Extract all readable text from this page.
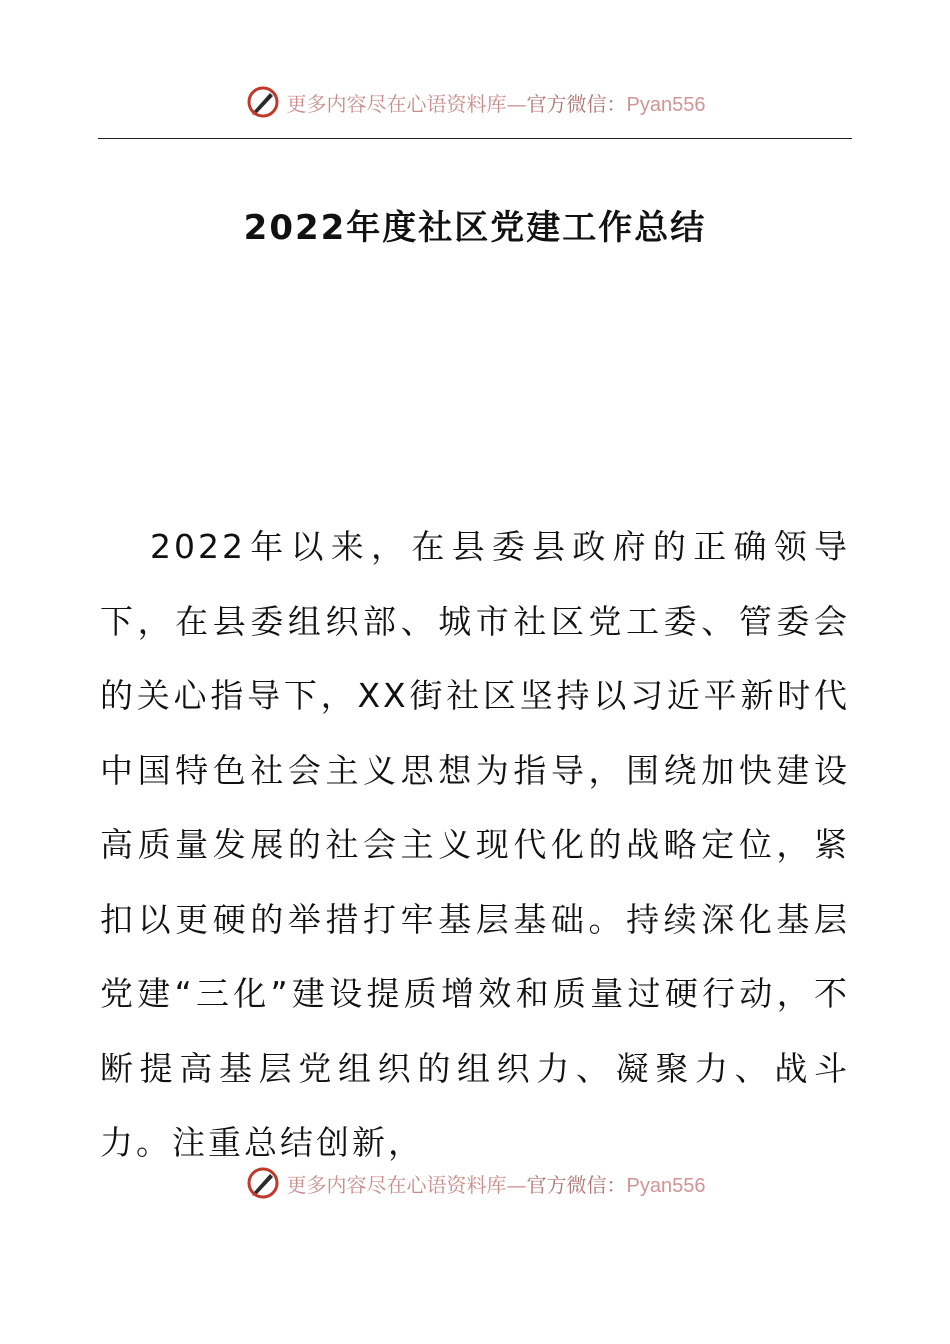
更多内容尽在心语资料库—官方微信：Pyan556
2022年度社区党建工作总结
2022年以来，在县委县政府的正确领导下，在县委组织部、城市社区党工委、管委会的关心指导下，XX街社区坚持以习近平新时代中国特色社会主义思想为指导，围绕加快建设高质量发展的社会主义现代化的战略定位，紧扣以更硬的举措打牢基层基础。持续深化基层党建“三化”建设提质增效和质量过硬行动，不断提高基层党组织的组织力、凝聚力、战斗力。注重总结创新，
更多内容尽在心语资料库—官方微信：Pyan556
